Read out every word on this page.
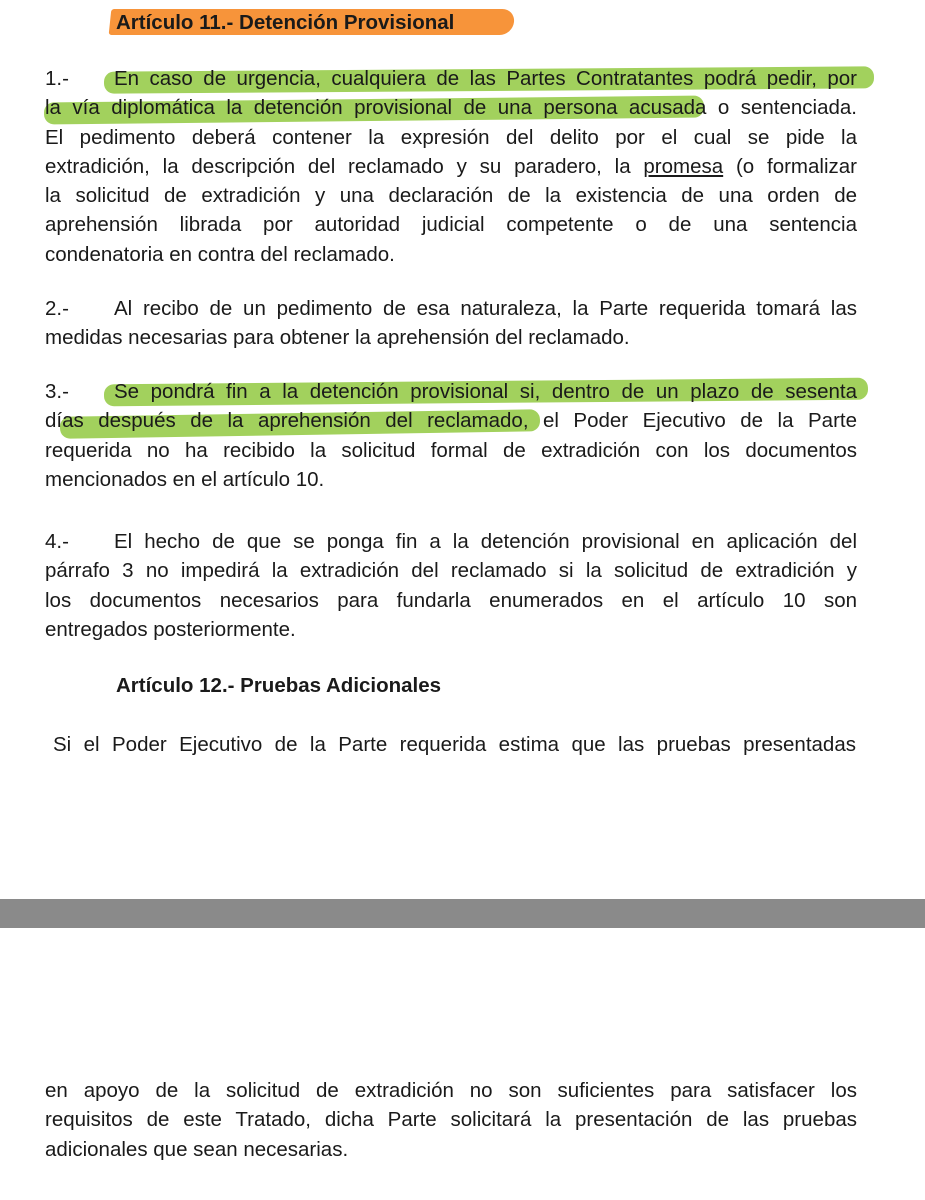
Artículo 11.- Detención Provisional
1.- En caso de urgencia, cualquiera de las Partes Contratantes podrá pedir, por
la vía diplomática la detención provisional de una persona acusada o sentenciada.
El pedimento deberá contener la expresión del delito por el cual se pide la
extradición, la descripción del reclamado y su paradero, la promesa (o formalizar
la solicitud de extradición y una declaración de la existencia de una orden de
aprehensión librada por autoridad judicial competente o de una sentencia
condenatoria en contra del reclamado.
2.- Al recibo de un pedimento de esa naturaleza, la Parte requerida tomará las
medidas necesarias para obtener la aprehensión del reclamado.
3.- Se pondrá fin a la detención provisional si, dentro de un plazo de sesenta
días después de la aprehensión del reclamado, el Poder Ejecutivo de la Parte
requerida no ha recibido la solicitud formal de extradición con los documentos
mencionados en el artículo 10.
4.- El hecho de que se ponga fin a la detención provisional en aplicación del
párrafo 3 no impedirá la extradición del reclamado si la solicitud de extradición y
los documentos necesarios para fundarla enumerados en el artículo 10 son
entregados posteriormente.
Artículo 12.- Pruebas Adicionales
Si el Poder Ejecutivo de la Parte requerida estima que las pruebas presentadas
en apoyo de la solicitud de extradición no son suficientes para satisfacer los
requisitos de este Tratado, dicha Parte solicitará la presentación de las pruebas
adicionales que sean necesarias.
